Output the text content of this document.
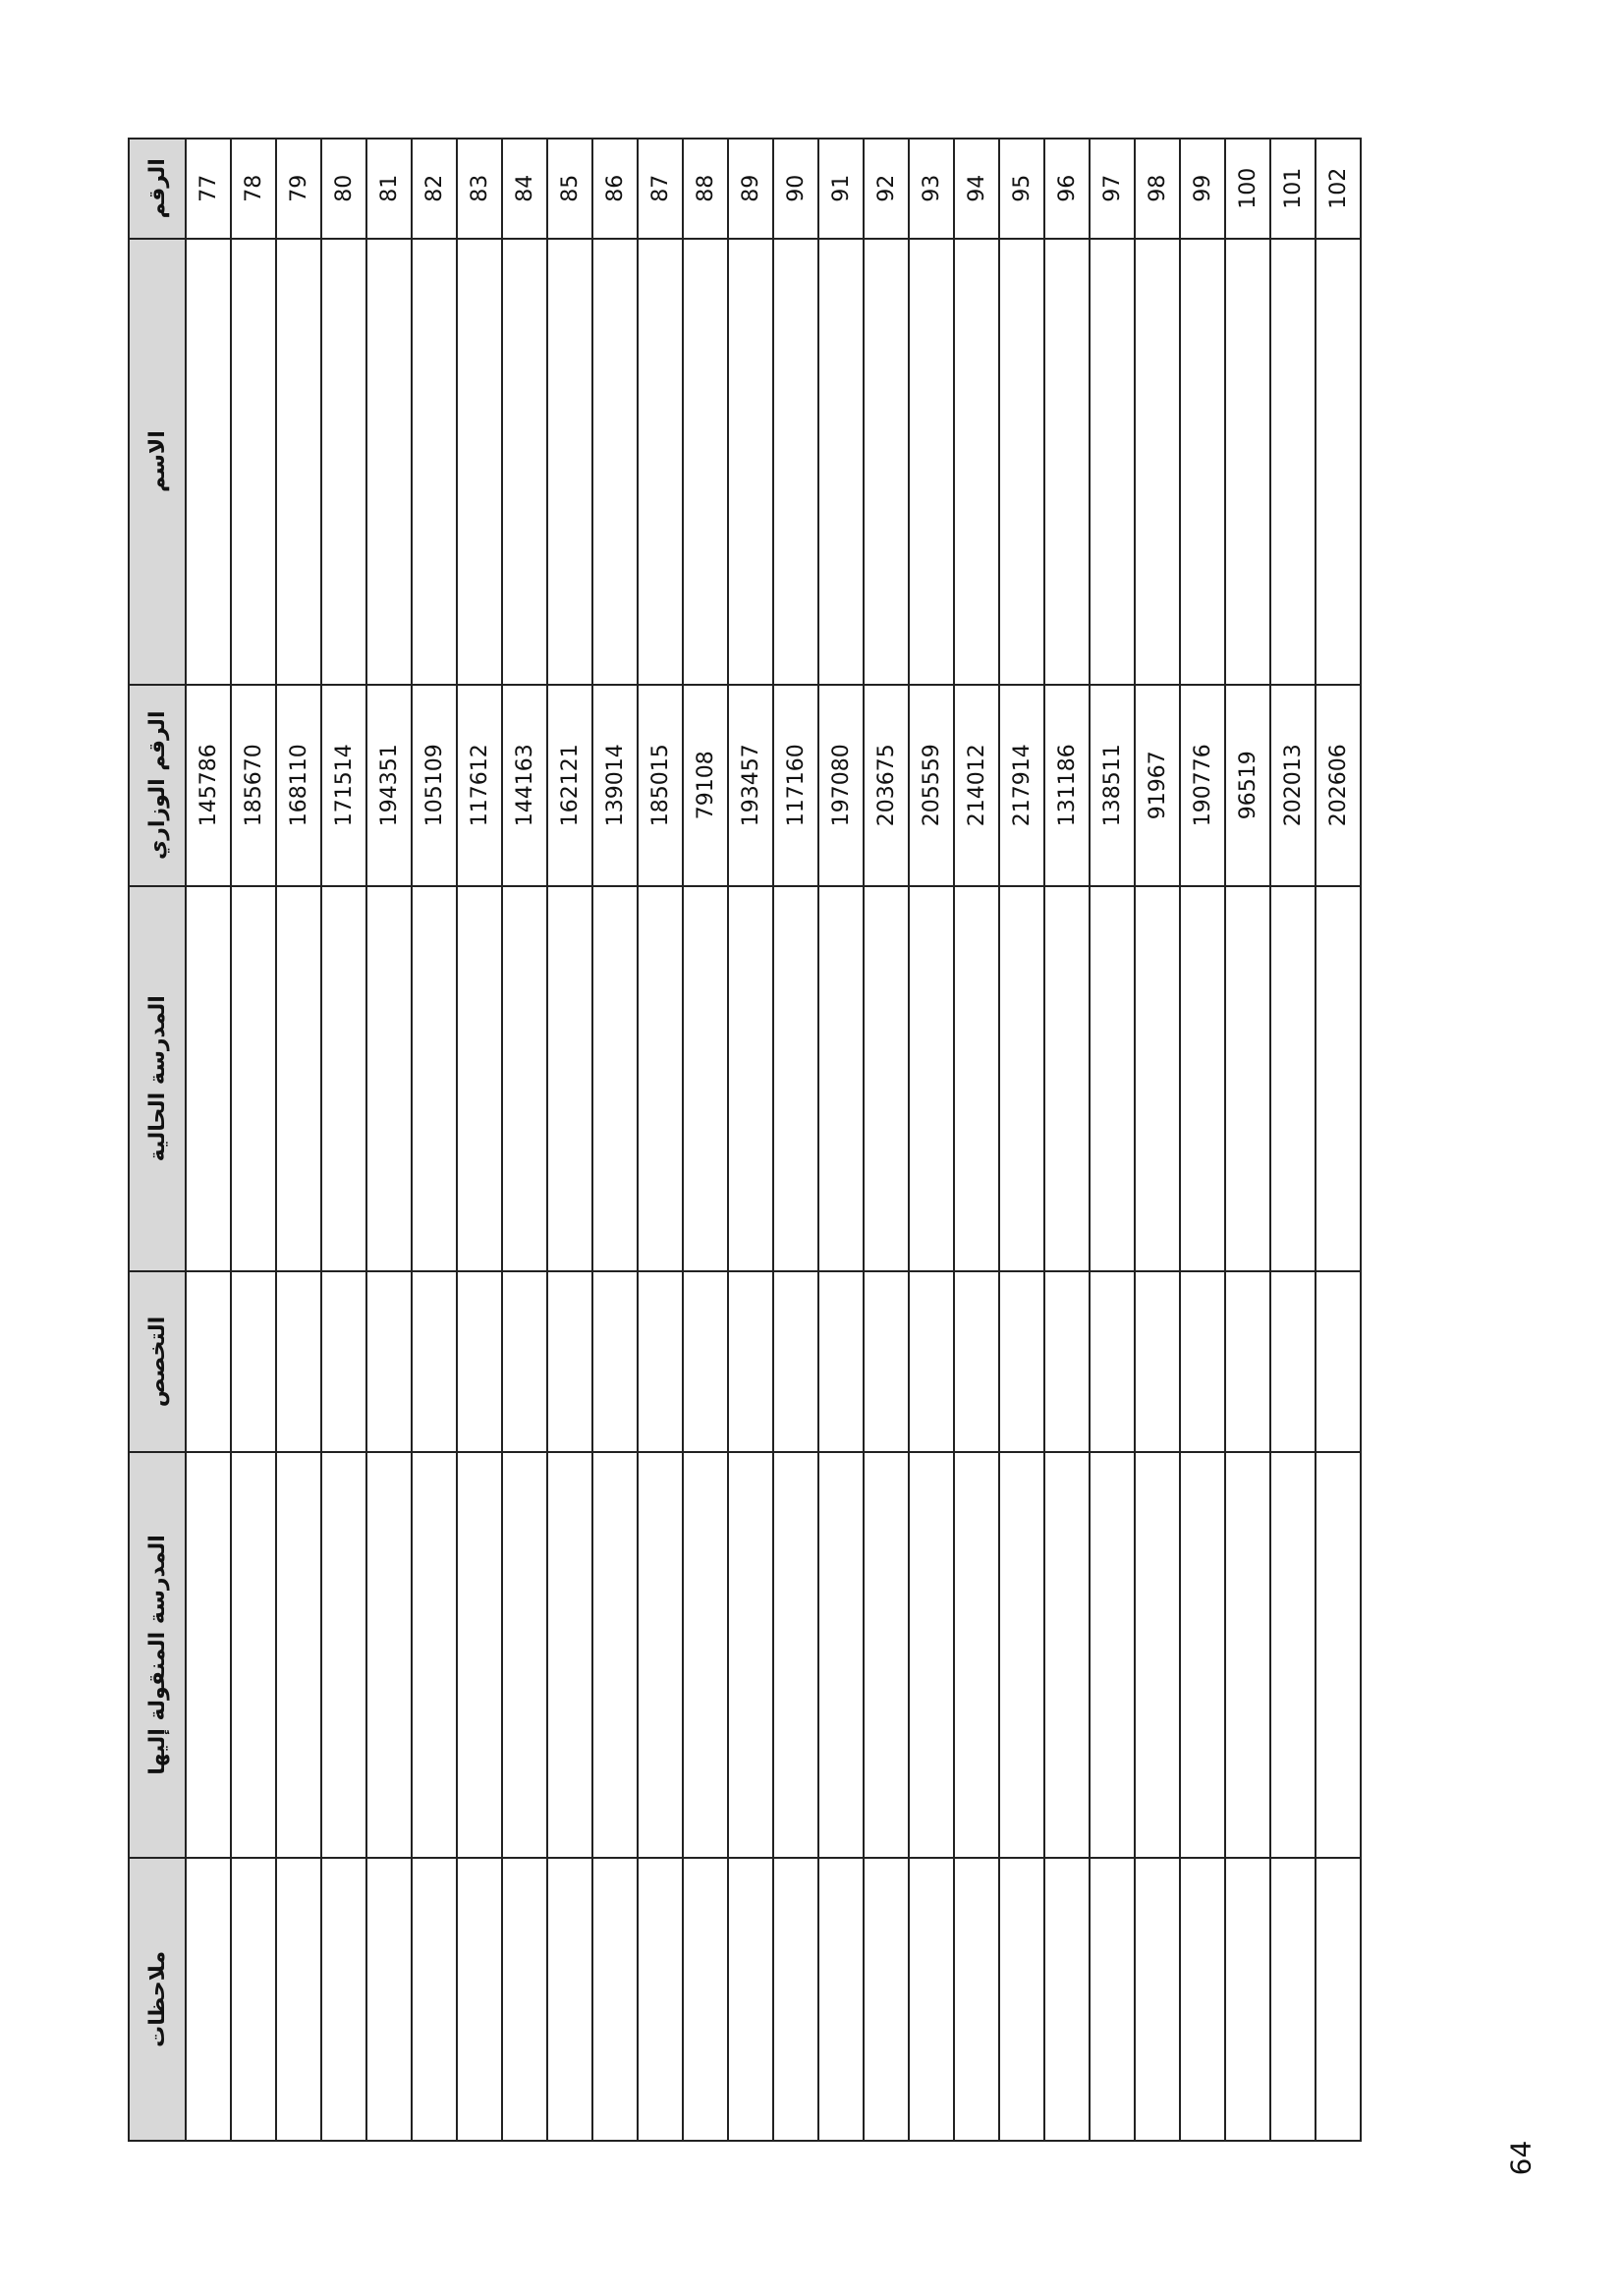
الرقم	الاسم	الرقم الوزاري	المدرسة الحالية	التخصص	المدرسة المنقولة إليها	ملاحظات
77		145786				
78		185670				
79		168110				
80		171514				
81		194351				
82		105109				
83		117612				
84		144163				
85		162121				
86		139014				
87		185015				
88		79108				
89		193457				
90		117160				
91		197080				
92		203675				
93		205559				
94		214012				
95		217914				
96		131186				
97		138511				
98		91967				
99		190776				
100		96519				
101		202013				
102		202606				
64
